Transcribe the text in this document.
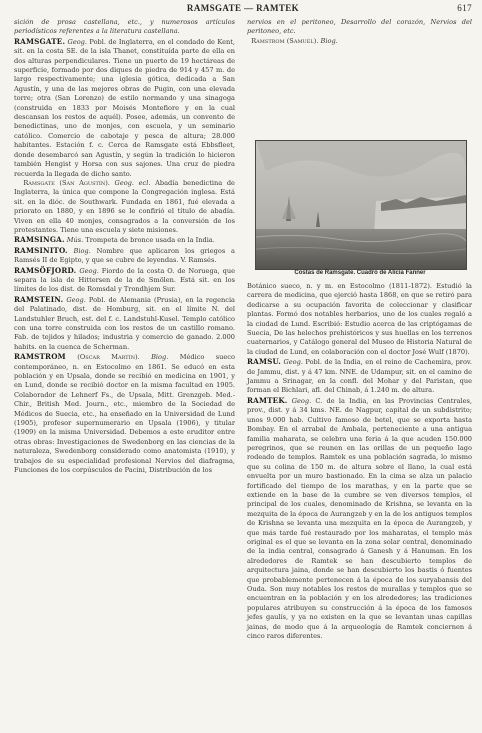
RAMSGATE — RAMTEK	617

sición de prosa castellana, etc., y numerosos artículos periodísticos referentes a la literatura castellana.

RAMSGATE. Geog. Pobl. de Inglaterra, en el condado de Kent, sit. en la costa SE. de la isla Thanet, constituída parte de ella en dos alturas perpendiculares. Tiene un puerto de 19 hectáreas de superficie, formado por dos diques de piedra de 914 y 457 m. de largo respectivamente; una iglesia gótica, dedicada a San Agustín, y una de las mejores obras de Pugin, con una elevada torre; otra (San Lorenzo) de estilo normando y una sinagoga (construida en 1833 por Moisés Montefiore y en la cual descansan los restos de aquél). Posee, además, un convento de benedictinas, uno de monjes, con escuela, y un seminario católico. Comercio de cabotaje y pesca de altura; 28.000 habitantes. Estación f. c. Cerca de Ramsgate está Ebbsfleet, donde desembarcó san Agustín, y según la tradición lo hicieron también Hengist y Horsa con sus sajones. Una cruz de piedra recuerda la llegada de dicho santo.

Ramsgate (San Agustín). Geog. ecl. Abadía benedictina de Inglaterra, la única que compone la Congregación inglesa. Está sit. en la dióc. de Southwark. Fundada en 1861, fué elevada a priorato en 1880, y en 1896 se le confirió el título de abadía. Viven en ella 40 monjes, consagrados a la conversión de los protestantes. Tiene una escuela y siete misiones.

RAMSINGA. Mús. Trompeta de bronce usada en la India.

RAMSINITO. Biog. Nombre que aplicaron los griegos a Ramsés II de Egipto, y que se cubre de leyendas. V. Ramsés.

RAMSÖFJORD. Geog. Fiordo de la costa O. de Noruega, que separa la isla de Hittersen de la de Smölen. Está sit. en los límites de los dist. de Romsdal y Trondhjem Sur.

RAMSTEIN. Geog. Pobl. de Alemania (Prusia), en la regencia del Palatinado, dist. de Homburg, sit. en el límite N. del Landstuhler Bruch, est. del f. c. Landstuhl-Kusel. Templo católico con una torre construida con los restos de un castillo romano. Fab. de tejidos y hilados; industria y comercio de ganado. 2.000 habits. en la cuenca de Scherman.

RAMSTROM (Oscar Martín). Biog. Médico sueco contemporáneo, n. en Estocolmo en 1861. Se educó en esta población y en Upsala, donde se recibió en medicina en 1901, y en Lund, donde se recibió doctor en la misma facultad en 1905. Colaborador de Lehnerf Fs., de Upsala, Mitt. Grenzgeb. Med.-Chir., British Med. Journ., etc., miembro de la Sociedad de Médicos de Suecia, etc., ha enseñado en la Universidad de Lund (1905), profesor supernumerario en Upsala (1906), y titular (1909) en la misma Universidad. Debemos a este eruditor entre otras obras: Investigaciones de Swedenborg en las ciencias de la naturaleza, Swedenborg considerado como anatomista (1910), y trabajos de su especialidad profesional Nervios del diafragma, Funciones de los corpúsculos de Pacini, Distribución de los

nervios en el peritoneo, Desarrollo del corazón, Nervios del peritoneo, etc.

Ramstrom (Samuel). Biog.

Costas de Ramsgate. Cuadro de Alicia Fanner

Botánico sueco, n. y m. en Estocolmo (1811-1872). Estudió la carrera de medicina, que ejerció hasta 1868, en que se retiró para dedicarse a su ocupación favorita de coleccionar y clasificar plantas. Formó dos notables herbarios, uno de los cuales regaló a la ciudad de Lund. Escribió: Estudio acerca de las criptógamas de Suecia, De las helechos prehistóricos y sus huellas en los terrenos cuaternarios, y Catálogo general del Museo de Historia Natural de la ciudad de Lund, en colaboración con el doctor José Wulf (1870).

RAMSU. Geog. Pobl. de la India, en el reino de Cachemira, prov. de Jammu, dist. y á 47 km. NNE. de Udampur, sit. en el camino de Jammu a Srinagar, en la confl. del Mohar y del Paristan, que forman el Bichlari, afl. del Chinab, á 1.240 m. de altura.

RAMTEK. Geog. C. de la India, en las Provincias Centrales, prov., dist. y á 34 kms. NE. de Nagpur, capital de un subdistrito; unos 9.000 hab. Cultivo famoso de betel, que se exporta hasta Bombay. En el arrabal de Ambala, perteneciente a una antigua familia maharata, se celebra una feria á la que acuden 150.000 peregrinos, que se reunen en las orillas de un pequeño lago rodeado de templos. Ramtek es una población sagrada, lo mismo que su colina de 150 m. de altura sobre el llano, la cual está envuelta por un muro bastionado. En la cima se alza un palacio fortificado del tiempo de los marathas, y en la parte que se extiende en la base de la cumbre se ven diversos templos, el principal de los cuales, denominado de Krishna, se levanta en la mezquita de la época de Aurangzeb y en la de los antiguos templos de Krishna se levanta una mezquita en la época de Aurangzeb, y que más tarde fué restaurado por los maharatas, el templo más original es el que se levanta en la zona solar central, denominado de la india central, consagrado á Ganesh y á Hanuman. En los alrededores de Ramtek se han descubierto templos de arquitectura jaina, donde se han descubierto los bastis ó fuentes que probablemente pertenecen á la época de los suryabansis del Ouda. Son muy notables los restos de murallas y templos que se encuentran en la población y en los alrededores; las tradiciones populares atribuyen su construcción á la época de los famosos jefes gaulís, y ya no existen en la que se levantan unas capillas jainas, de modo que á la arqueología de Ramtek conciernen á cinco raros diferentes.
